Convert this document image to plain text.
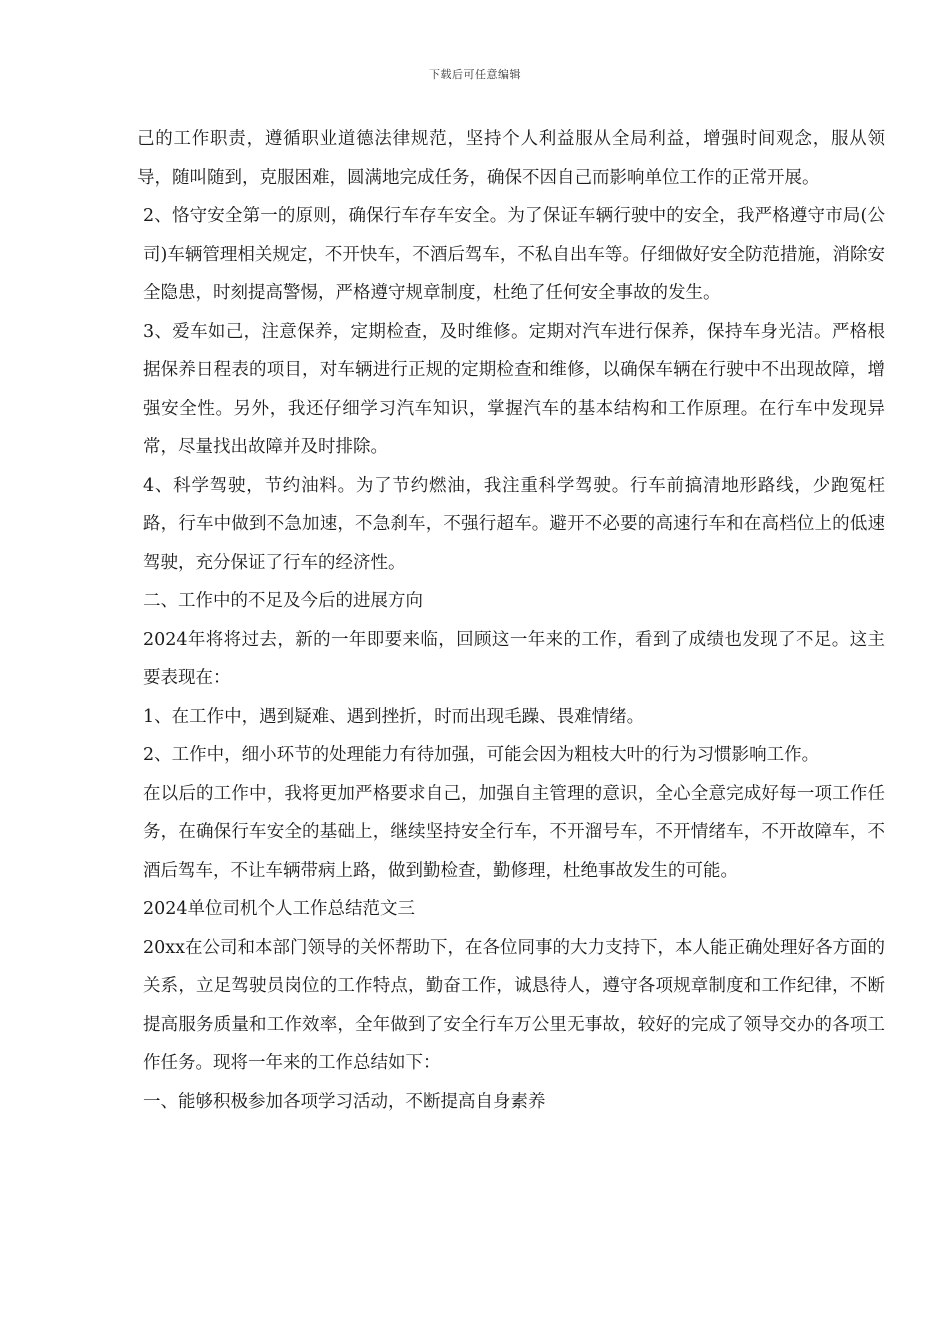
下载后可任意编辑

己的工作职责，遵循职业道德法律规范，坚持个人利益服从全局利益，增强时间观念，服从领导，随叫随到，克服困难，圆满地完成任务，确保不因自己而影响单位工作的正常开展。

2、恪守安全第一的原则，确保行车存车安全。为了保证车辆行驶中的安全，我严格遵守市局(公司)车辆管理相关规定，不开快车，不酒后驾车，不私自出车等。仔细做好安全防范措施，消除安全隐患，时刻提高警惕，严格遵守规章制度，杜绝了任何安全事故的发生。

3、爱车如己，注意保养，定期检查，及时维修。定期对汽车进行保养，保持车身光洁。严格根据保养日程表的项目，对车辆进行正规的定期检查和维修，以确保车辆在行驶中不出现故障，增强安全性。另外，我还仔细学习汽车知识，掌握汽车的基本结构和工作原理。在行车中发现异常，尽量找出故障并及时排除。

4、科学驾驶，节约油料。为了节约燃油，我注重科学驾驶。行车前搞清地形路线，少跑冤枉路，行车中做到不急加速，不急刹车，不强行超车。避开不必要的高速行车和在高档位上的低速驾驶，充分保证了行车的经济性。

二、工作中的不足及今后的进展方向

2024年将将过去，新的一年即要来临，回顾这一年来的工作，看到了成绩也发现了不足。这主要表现在：

1、在工作中，遇到疑难、遇到挫折，时而出现毛躁、畏难情绪。

2、工作中，细小环节的处理能力有待加强，可能会因为粗枝大叶的行为习惯影响工作。

在以后的工作中，我将更加严格要求自己，加强自主管理的意识，全心全意完成好每一项工作任务，在确保行车安全的基础上，继续坚持安全行车，不开溜号车，不开情绪车，不开故障车，不酒后驾车，不让车辆带病上路，做到勤检查，勤修理，杜绝事故发生的可能。

2024单位司机个人工作总结范文三

20xx在公司和本部门领导的关怀帮助下，在各位同事的大力支持下，本人能正确处理好各方面的关系，立足驾驶员岗位的工作特点，勤奋工作，诚恳待人，遵守各项规章制度和工作纪律，不断提高服务质量和工作效率，全年做到了安全行车万公里无事故，较好的完成了领导交办的各项工作任务。现将一年来的工作总结如下：

一、能够积极参加各项学习活动，不断提高自身素养
